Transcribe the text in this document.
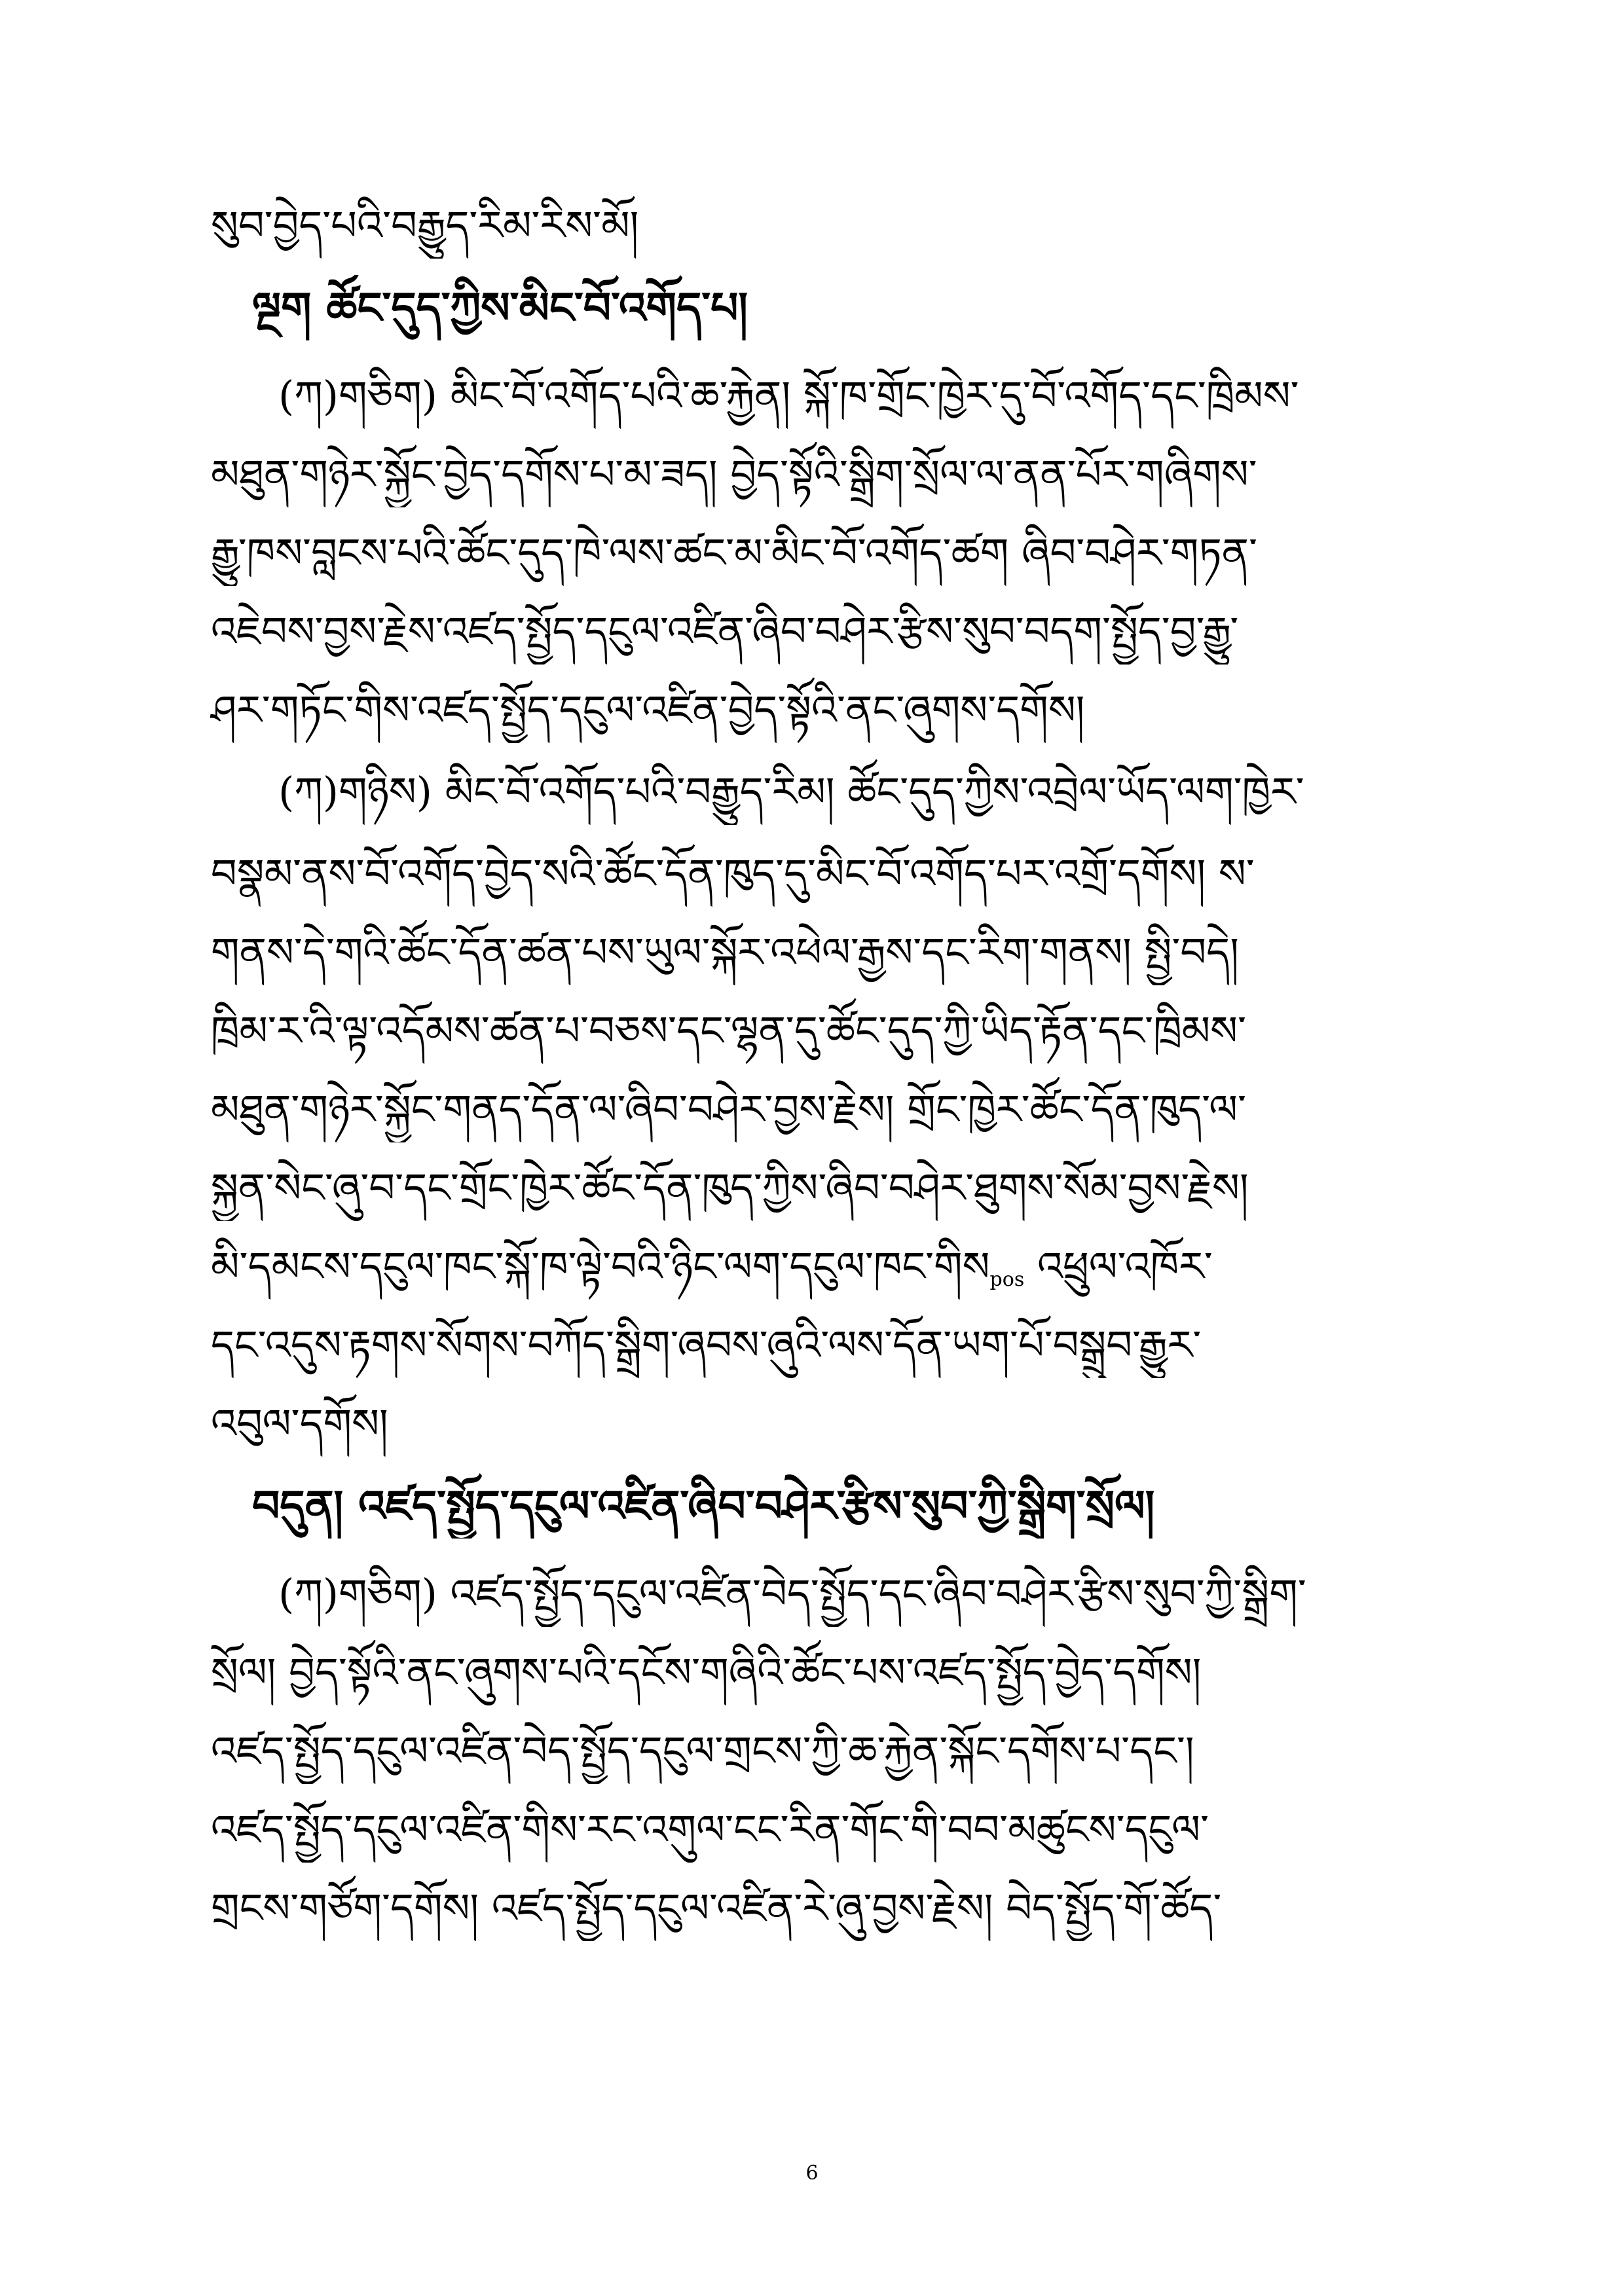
སུབ་བྱེད་པའི་བརྒྱུད་རིམ་རིས་མོ།
ལྔག ཚོང་དུད་ཀྱིས་མིང་བོ་འགོད་པ།
(ཀ)གཅིག) མིང་བོ་འགོད་པའི་ཆ་རྐྱེན། སྐོ་ཁ་གྲོང་ཁྱེར་དུ་བོ་འགོད་དང་ཁྲིམས་
མཐུན་གཉེར་སྐྱོང་བྱེད་དགོས་པ་མ་ཟད། བྱེད་སྟོའི་སྒྲིག་སྲོལ་ལ་ནན་པོར་གཞིགས་
རྒྱུ་ཁས་བླངས་པའི་ཚོང་དུད་ཁེ་ལས་ཚང་མ་མིང་བོ་འགོད་ཚག ཞིབ་བཤེར་གཏན་
འཇེབས་བྱས་རྗེས་འཛད་སྤྱོད་དངུལ་འཛིན་ཞིབ་བཤེར་རྩིས་སུབ་བདག་སྤྱོད་བྱ་རྒྱུ་
ཤར་གཏོང་གིས་འཛད་སྤྱོད་དངུལ་འཛིན་བྱེད་སྟོའི་ནང་ཞུགས་དགོས།
(ཀ)གཉིས) མིང་བོ་འགོད་པའི་བརྒྱུད་རིམ། ཚོང་དུད་ཀྱིས་འབྲེལ་ཡོད་ལག་ཁྱེར་
བསྣམ་ནས་བོ་འགོད་བྱེད་སའི་ཚོང་དོན་ཁུད་དུ་མིང་བོ་འགོད་པར་འགྲོ་དགོས། ས་
གནས་དེ་གའི་ཚོང་དོན་ཚན་པས་ཡུལ་སྐོར་འཕེལ་རྒྱས་དང་རིག་གནས། སྤྱི་བདེ།
ཁྲིམ་ར་འི་ལྟ་འདོམས་ཚན་པ་བཅས་དང་ལྷན་དུ་ཚོང་དུད་ཀྱི་ཡིད་རྟོན་དང་ཁྲིམས་
མཐུན་གཉེར་སྐྱོང་གནད་དོན་ལ་ཞིབ་བཤེར་བྱས་རྗེས། གྲོང་ཁྱེར་ཚོང་དོན་ཁུད་ལ་
སྐྱན་སེང་ཞུ་བ་དང་གྲོང་ཁྱེར་ཚོང་དོན་ཁུད་ཀྱིས་ཞིབ་བཤེར་ཐུགས་སོམ་བྱས་རྗེས།
མི་དམངས་དངུལ་ཁང་སྐོ་ཁ་ལྟེ་བའི་ཉིང་ལག་དངུལ་ཁང་གིསpos འཕྲུལ་འཁོར་
དང་འདུས་རྟགས་སོགས་བཀོད་སྒྲིག་ཞབས་ཞུའི་ལས་དོན་ཡག་པོ་བསྒྲུབ་རྒྱུར་
འབུལ་དགོས།
བདུན། འཛད་སྤྱོད་དངུལ་འཛིན་ཞིབ་བཤེར་རྩིས་སུབ་ཀྱི་སྒྲིག་སྲོལ།
(ཀ)གཅིག) འཛད་སྤྱོད་དངུལ་འཛིན་བེད་སྤྱོད་དང་ཞིབ་བཤེར་རྩིས་སུབ་ཀྱི་སྒྲིག་
སྲོལ། བྱེད་སྟོའི་ནང་ཞུགས་པའི་དངོས་གཞིའི་ཚོང་པས་འཛད་སྤྱོད་བྱེད་དགོས།
འཛད་སྤྱོད་དངུལ་འཛིན་བེད་སྤྱོད་དངུལ་གྲངས་ཀྱི་ཆ་རྐྱེན་སྐོང་དགོས་པ་དང་།
འཛད་སྤྱོད་དངུལ་འཛིན་གིས་རང་འགུལ་ངང་རིན་གོང་གི་བབ་མཚུངས་དངུལ་
གྲངས་གཙོག་དགོས། འཛད་སྤྱོད་དངུལ་འཛིན་རེ་ཞུ་བྱས་རྗེས། བེད་སྤྱོད་གོ་ཚོད་
6
